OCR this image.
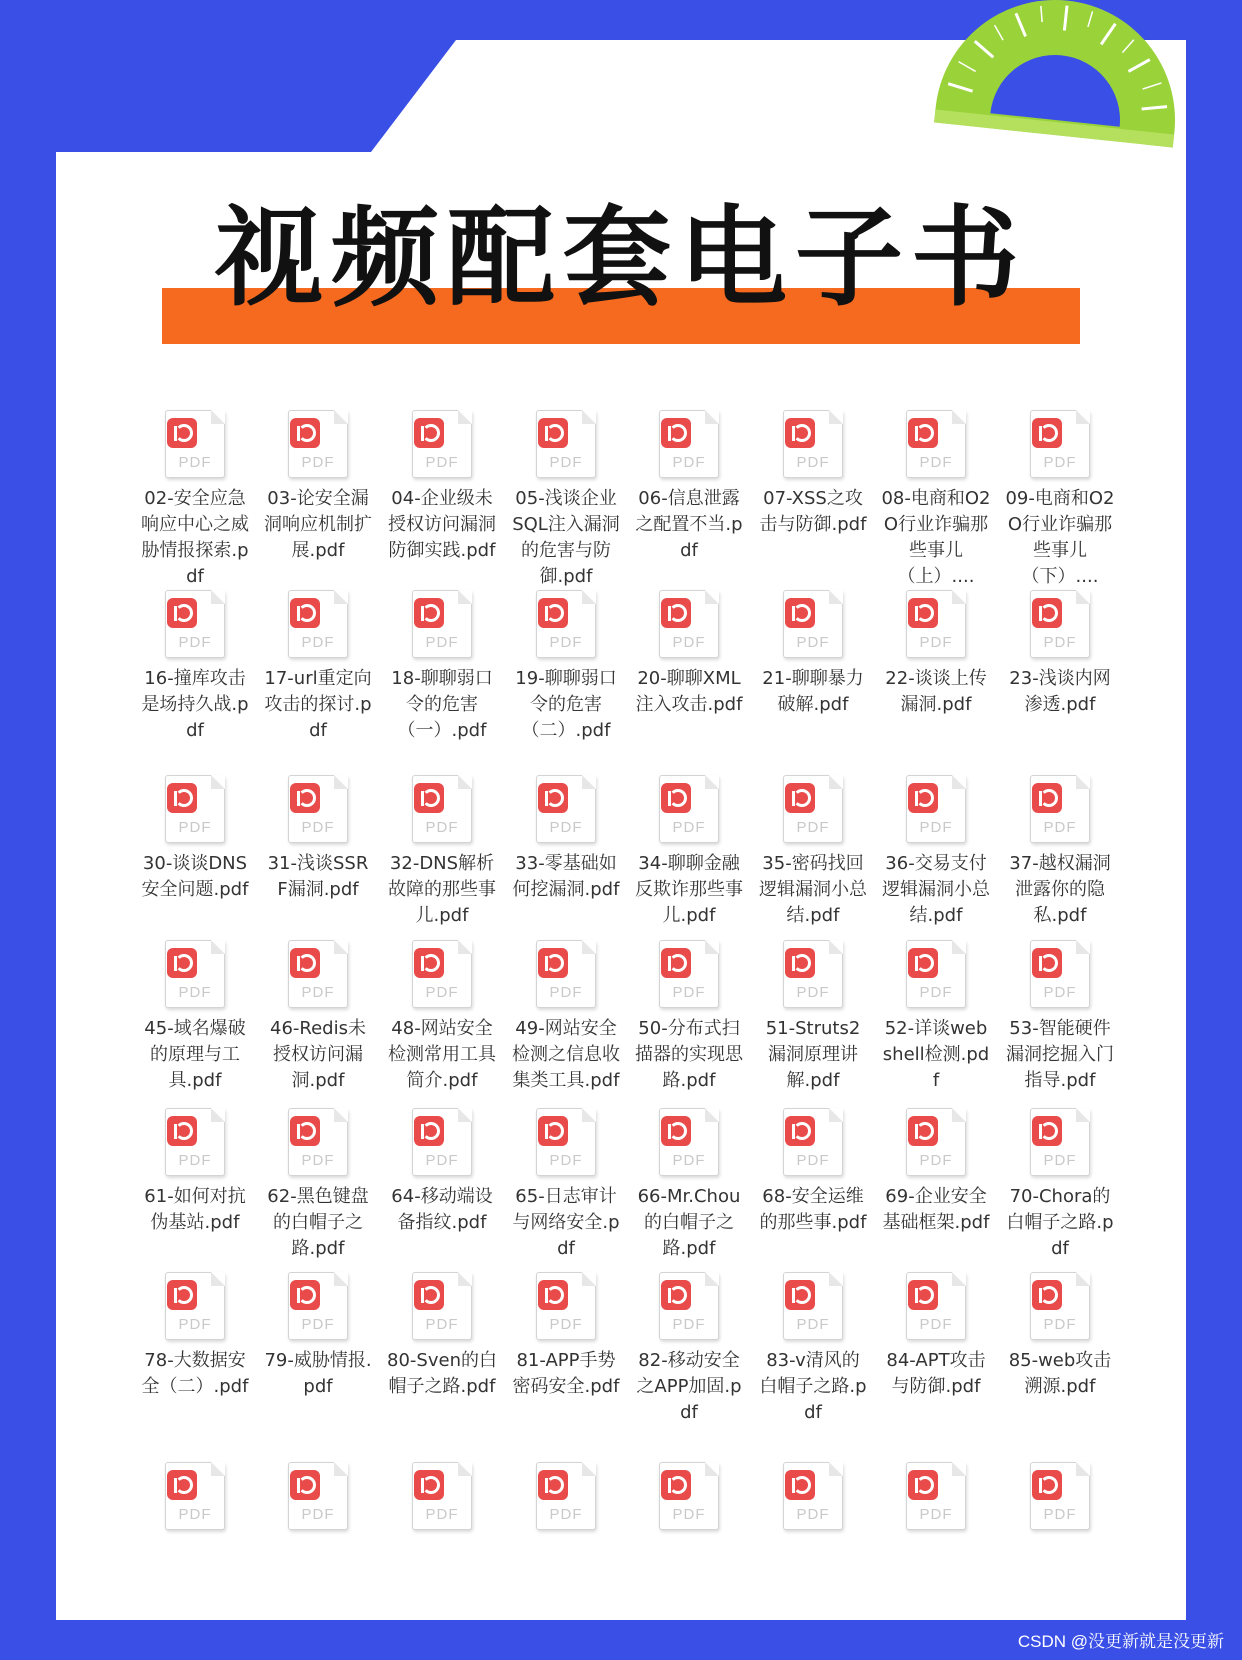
视频配套电子书
PDF
02-安全应急响应中心之威胁情报探索.pdf
PDF
03-论安全漏洞响应机制扩展.pdf
PDF
04-企业级未授权访问漏洞防御实践.pdf
PDF
05-浅谈企业SQL注入漏洞的危害与防御.pdf
PDF
06-信息泄露之配置不当.pdf
PDF
07-XSS之攻击与防御.pdf
PDF
08-电商和O2O行业诈骗那些事儿（上）....
PDF
09-电商和O2O行业诈骗那些事儿（下）....
PDF
16-撞库攻击是场持久战.pdf
PDF
17-url重定向攻击的探讨.pdf
PDF
18-聊聊弱口令的危害（一）.pdf
PDF
19-聊聊弱口令的危害（二）.pdf
PDF
20-聊聊XML注入攻击.pdf
PDF
21-聊聊暴力破解.pdf
PDF
22-谈谈上传漏洞.pdf
PDF
23-浅谈内网渗透.pdf
PDF
30-谈谈DNS安全问题.pdf
PDF
31-浅谈SSRF漏洞.pdf
PDF
32-DNS解析故障的那些事儿.pdf
PDF
33-零基础如何挖漏洞.pdf
PDF
34-聊聊金融反欺诈那些事儿.pdf
PDF
35-密码找回逻辑漏洞小总结.pdf
PDF
36-交易支付逻辑漏洞小总结.pdf
PDF
37-越权漏洞泄露你的隐私.pdf
PDF
45-域名爆破的原理与工具.pdf
PDF
46-Redis未授权访问漏洞.pdf
PDF
48-网站安全检测常用工具简介.pdf
PDF
49-网站安全检测之信息收集类工具.pdf
PDF
50-分布式扫描器的实现思路.pdf
PDF
51-Struts2漏洞原理讲解.pdf
PDF
52-详谈webshell检测.pdf
PDF
53-智能硬件漏洞挖掘入门指导.pdf
PDF
61-如何对抗伪基站.pdf
PDF
62-黑色键盘的白帽子之路.pdf
PDF
64-移动端设备指纹.pdf
PDF
65-日志审计与网络安全.pdf
PDF
66-Mr.Chou的白帽子之路.pdf
PDF
68-安全运维的那些事.pdf
PDF
69-企业安全基础框架.pdf
PDF
70-Chora的白帽子之路.pdf
PDF
78-大数据安全（二）.pdf
PDF
79-威胁情报.pdf
PDF
80-Sven的白帽子之路.pdf
PDF
81-APP手势密码安全.pdf
PDF
82-移动安全之APP加固.pdf
PDF
83-v清风的白帽子之路.pdf
PDF
84-APT攻击与防御.pdf
PDF
85-web攻击溯源.pdf
PDF	PDF	PDF	PDF	PDF	PDF	PDF	PDF
CSDN @没更新就是没更新
